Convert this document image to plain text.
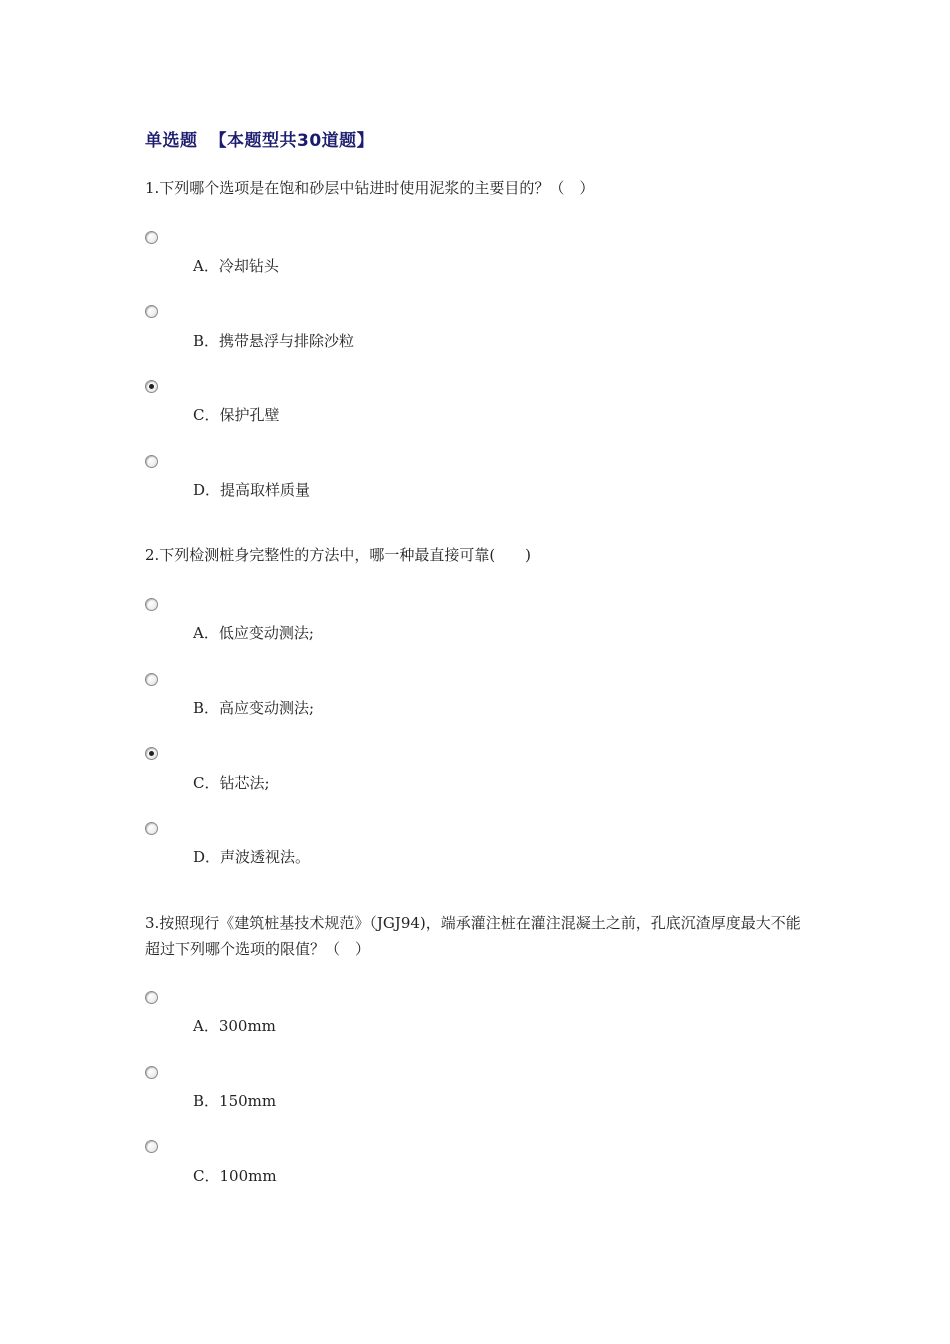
单选题 【本题型共30道题】
1.下列哪个选项是在饱和砂层中钻进时使用泥浆的主要目的？（　）
A．冷却钻头
B．携带悬浮与排除沙粒
C．保护孔壁
D．提高取样质量
2.下列检测桩身完整性的方法中，哪一种最直接可靠(　　)
A．低应变动测法;
B．高应变动测法;
C．钻芯法;
D．声波透视法。
3.按照现行《建筑桩基技术规范》（JGJ94)，端承灌注桩在灌注混凝土之前，孔底沉渣厚度最大不能超过下列哪个选项的限值？（　）
A．300mm
B．150mm
C．100mm
